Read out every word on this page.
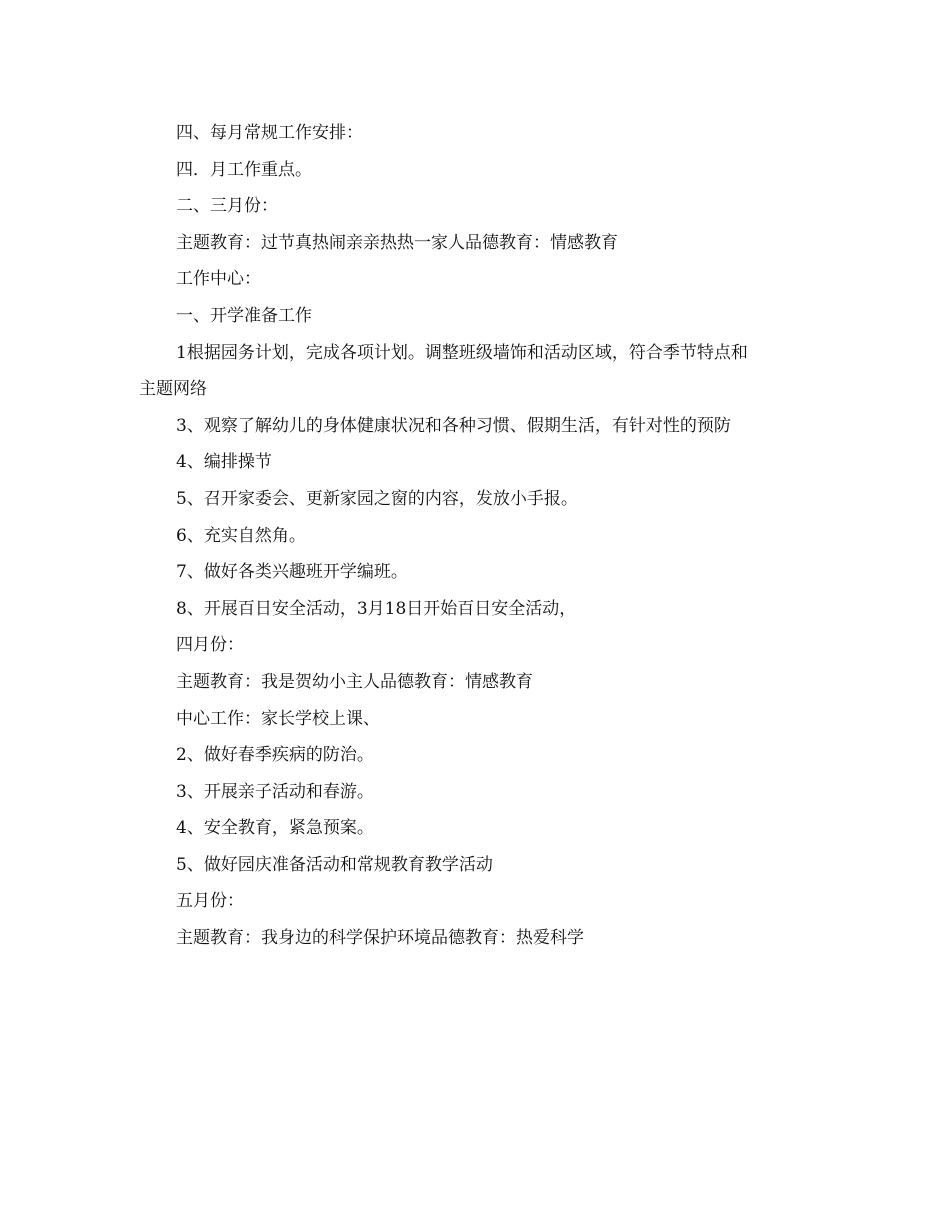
四、每月常规工作安排：
四．月工作重点。
二、三月份：
主题教育：过节真热闹亲亲热热一家人品德教育：情感教育
工作中心：
一、开学准备工作
1根据园务计划，完成各项计划。调整班级墙饰和活动区域，符合季节特点和
主题网络
3、观察了解幼儿的身体健康状况和各种习惯、假期生活，有针对性的预防
4、编排操节
5、召开家委会、更新家园之窗的内容，发放小手报。
6、充实自然角。
7、做好各类兴趣班开学编班。
8、开展百日安全活动，3月18日开始百日安全活动，
四月份：
主题教育：我是贺幼小主人品德教育：情感教育
中心工作：家长学校上课、
2、做好春季疾病的防治。
3、开展亲子活动和春游。
4、安全教育，紧急预案。
5、做好园庆准备活动和常规教育教学活动
五月份：
主题教育：我身边的科学保护环境品德教育：热爱科学
